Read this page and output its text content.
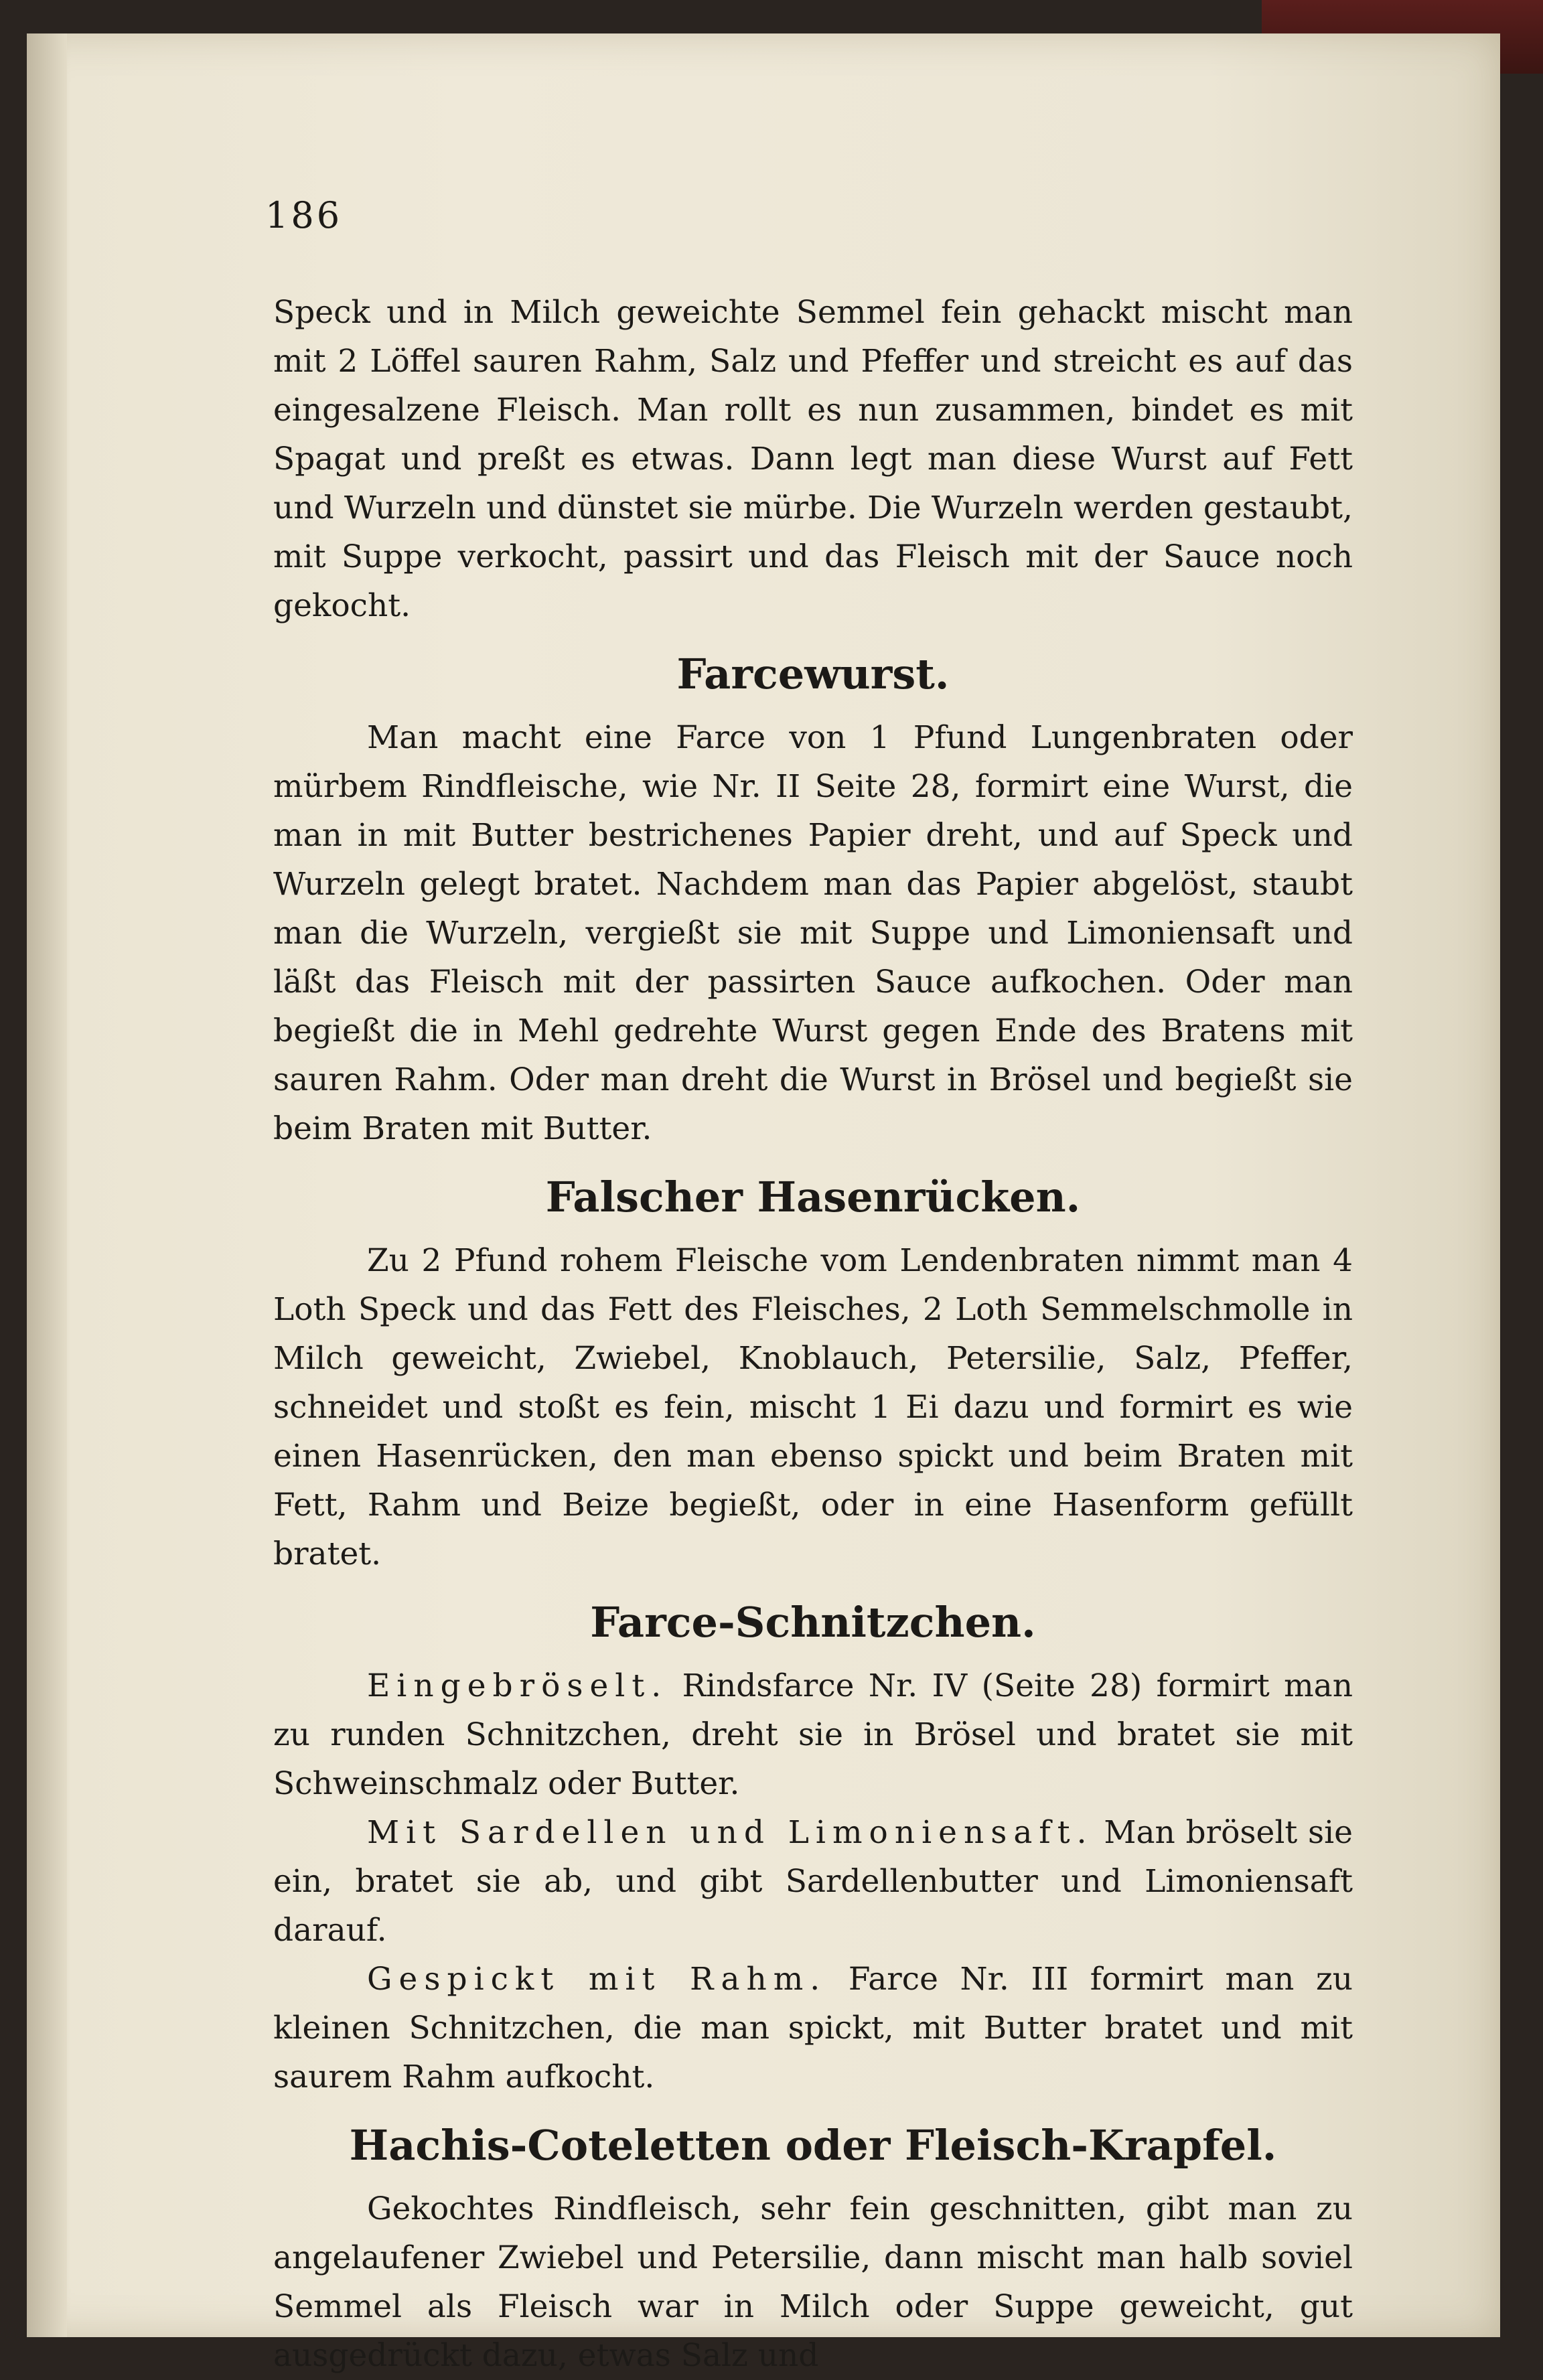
186

Speck und in Milch geweichte Semmel fein gehackt mischt man mit 2 Löffel sauren Rahm, Salz und Pfeffer und streicht es auf das eingesalzene Fleisch. Man rollt es nun zusammen, bindet es mit Spagat und preßt es etwas. Dann legt man diese Wurst auf Fett und Wurzeln und dünstet sie mürbe. Die Wurzeln werden gestaubt, mit Suppe verkocht, passirt und das Fleisch mit der Sauce noch gekocht.

Farcewurst.

Man macht eine Farce von 1 Pfund Lungenbraten oder mürbem Rindfleische, wie Nr. II Seite 28, formirt eine Wurst, die man in mit Butter bestrichenes Papier dreht, und auf Speck und Wurzeln gelegt bratet. Nachdem man das Papier abgelöst, staubt man die Wurzeln, vergießt sie mit Suppe und Limoniensaft und läßt das Fleisch mit der passirten Sauce aufkochen. Oder man begießt die in Mehl gedrehte Wurst gegen Ende des Bratens mit sauren Rahm. Oder man dreht die Wurst in Brösel und begießt sie beim Braten mit Butter.

Falscher Hasenrücken.

Zu 2 Pfund rohem Fleische vom Lendenbraten nimmt man 4 Loth Speck und das Fett des Fleisches, 2 Loth Semmelschmolle in Milch geweicht, Zwiebel, Knoblauch, Petersilie, Salz, Pfeffer, schneidet und stoßt es fein, mischt 1 Ei dazu und formirt es wie einen Hasenrücken, den man ebenso spickt und beim Braten mit Fett, Rahm und Beize begießt, oder in eine Hasenform gefüllt bratet.

Farce-Schnitzchen.

Eingebröselt. Rindsfarce Nr. IV (Seite 28) formirt man zu runden Schnitzchen, dreht sie in Brösel und bratet sie mit Schweinschmalz oder Butter.

Mit Sardellen und Limoniensaft. Man bröselt sie ein, bratet sie ab, und gibt Sardellenbutter und Limoniensaft darauf.

Gespickt mit Rahm. Farce Nr. III formirt man zu kleinen Schnitzchen, die man spickt, mit Butter bratet und mit saurem Rahm aufkocht.

Hachis-Coteletten oder Fleisch-Krapfel.

Gekochtes Rindfleisch, sehr fein geschnitten, gibt man zu angelaufener Zwiebel und Petersilie, dann mischt man halb soviel Semmel als Fleisch war in Milch oder Suppe geweicht, gut ausgedrückt dazu, etwas Salz und
